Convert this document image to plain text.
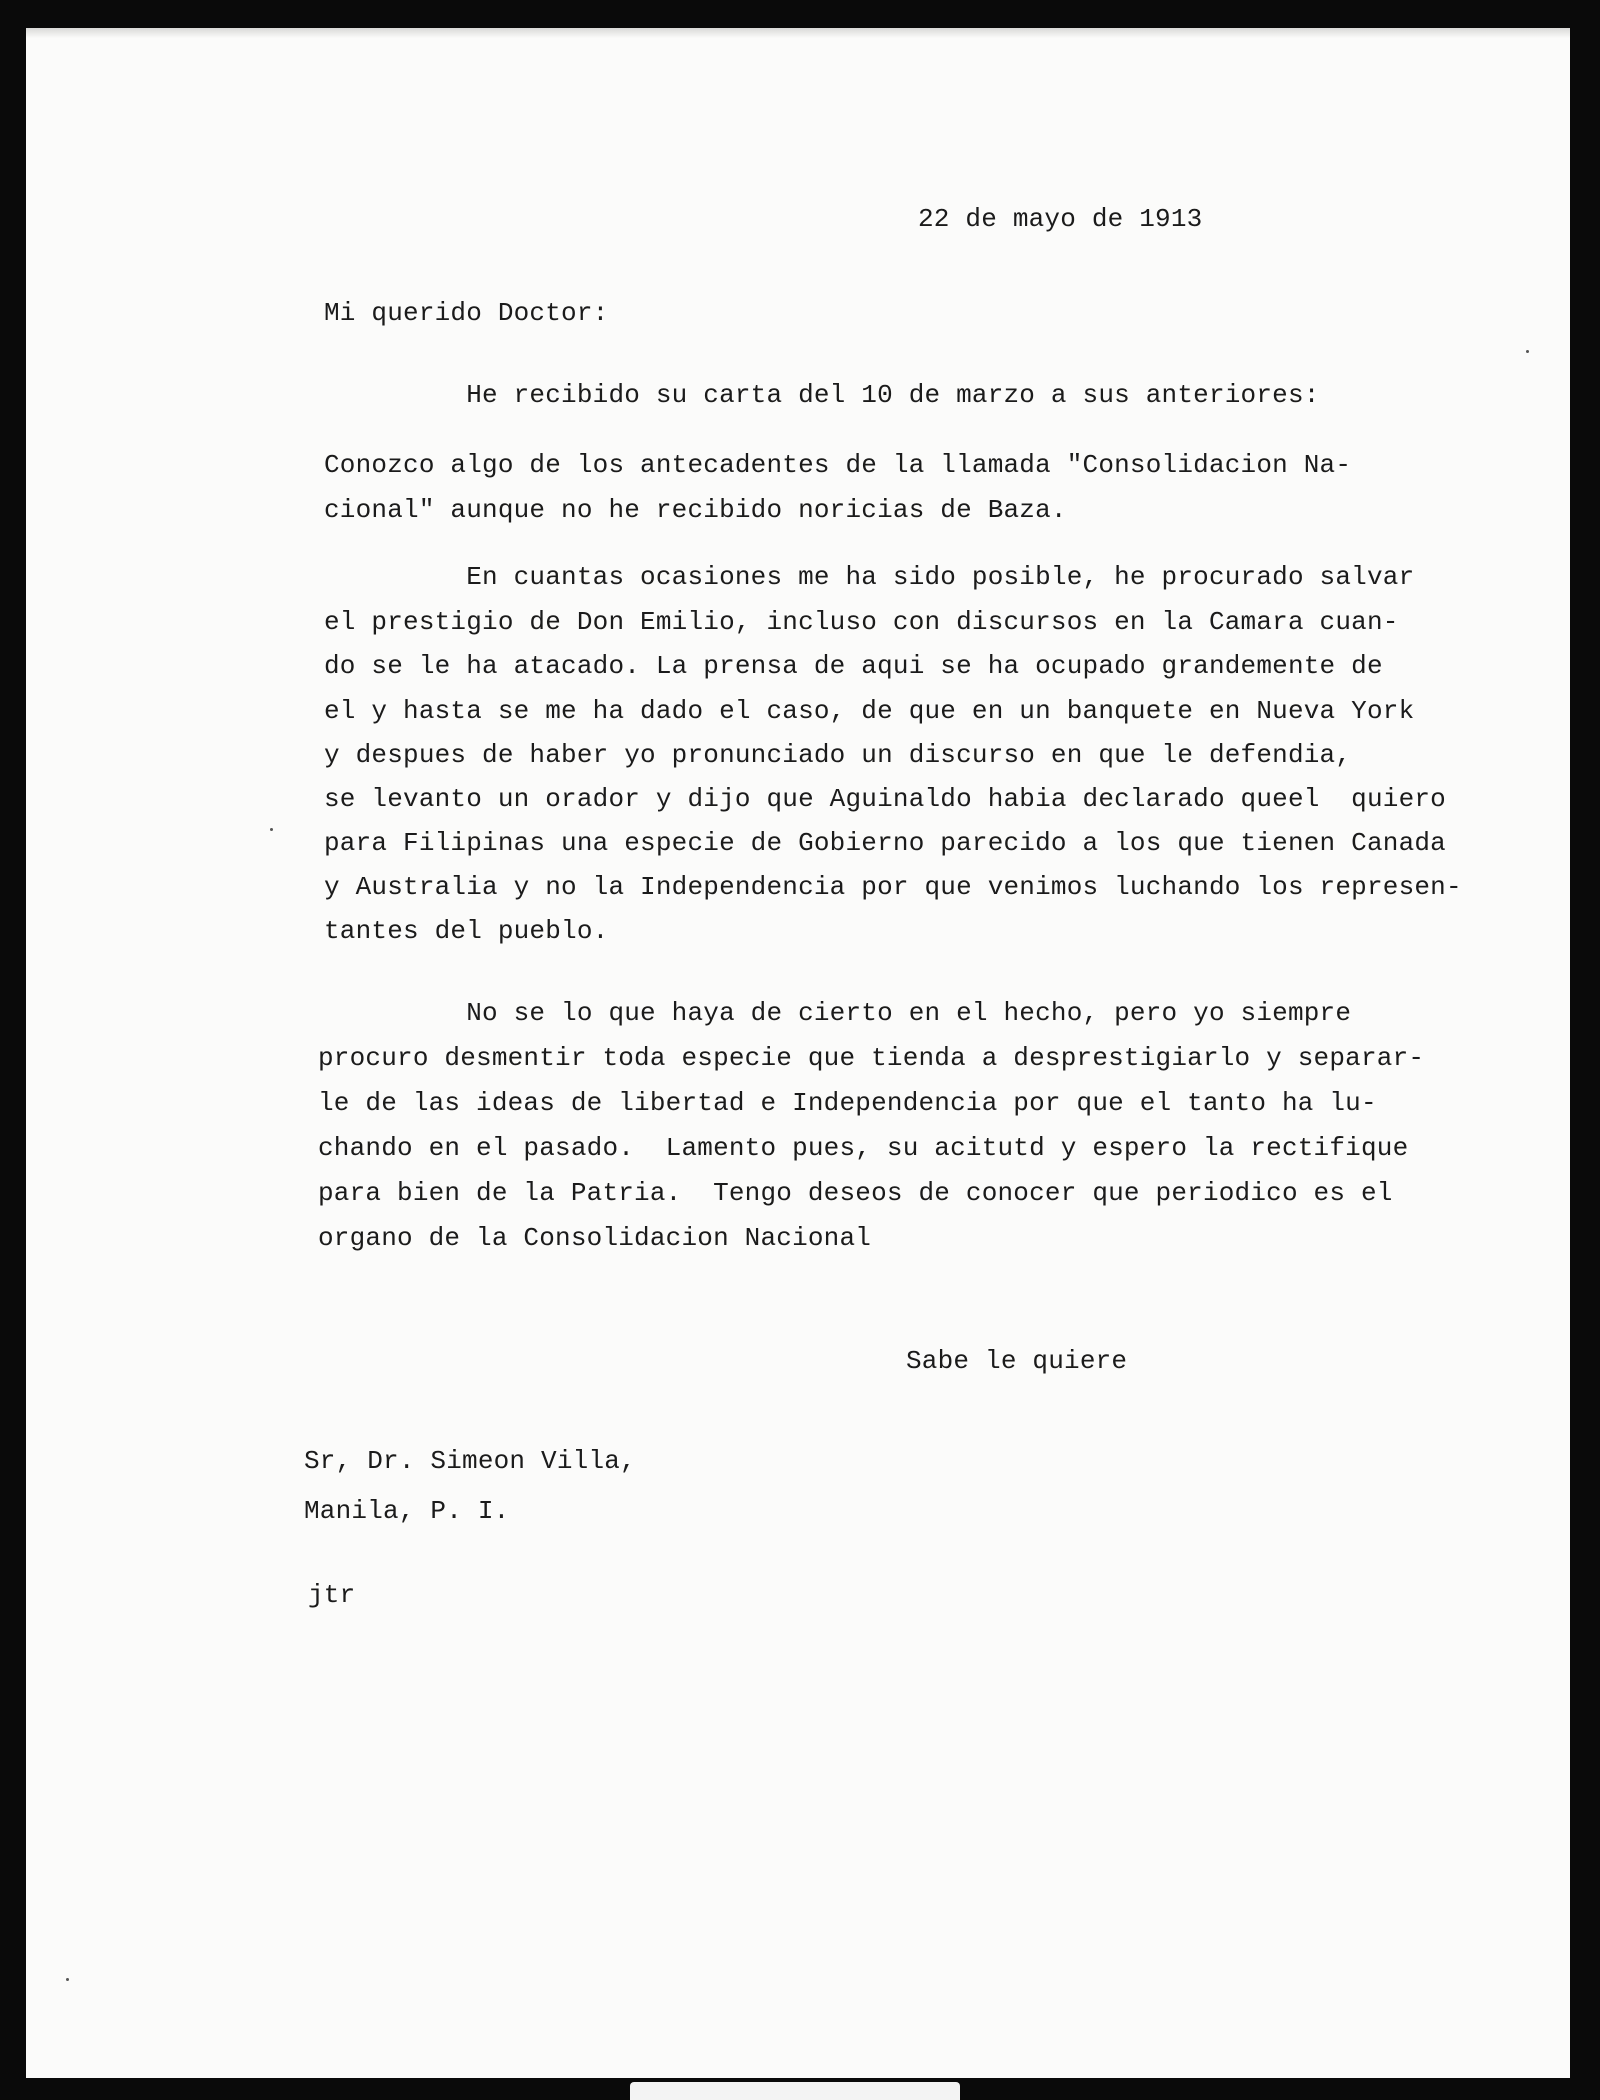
22 de mayo de 1913
Mi querido Doctor:
He recibido su carta del 10 de marzo a sus anteriores:
Conozco algo de los antecadentes de la llamada "Consolidacion Na-
cional" aunque no he recibido noricias de Baza.
En cuantas ocasiones me ha sido posible, he procurado salvar
el prestigio de Don Emilio, incluso con discursos en la Camara cuan-
do se le ha atacado. La prensa de aqui se ha ocupado grandemente de
el y hasta se me ha dado el caso, de que en un banquete en Nueva York
y despues de haber yo pronunciado un discurso en que le defendia,
se levanto un orador y dijo que Aguinaldo habia declarado queel  quiero
para Filipinas una especie de Gobierno parecido a los que tienen Canada
y Australia y no la Independencia por que venimos luchando los represen-
tantes del pueblo.
No se lo que haya de cierto en el hecho, pero yo siempre
procuro desmentir toda especie que tienda a desprestigiarlo y separar-
le de las ideas de libertad e Independencia por que el tanto ha lu-
chando en el pasado.  Lamento pues, su acitutd y espero la rectifique
para bien de la Patria.  Tengo deseos de conocer que periodico es el
organo de la Consolidacion Nacional
Sabe le quiere
Sr, Dr. Simeon Villa,
Manila, P. I.
jtr
